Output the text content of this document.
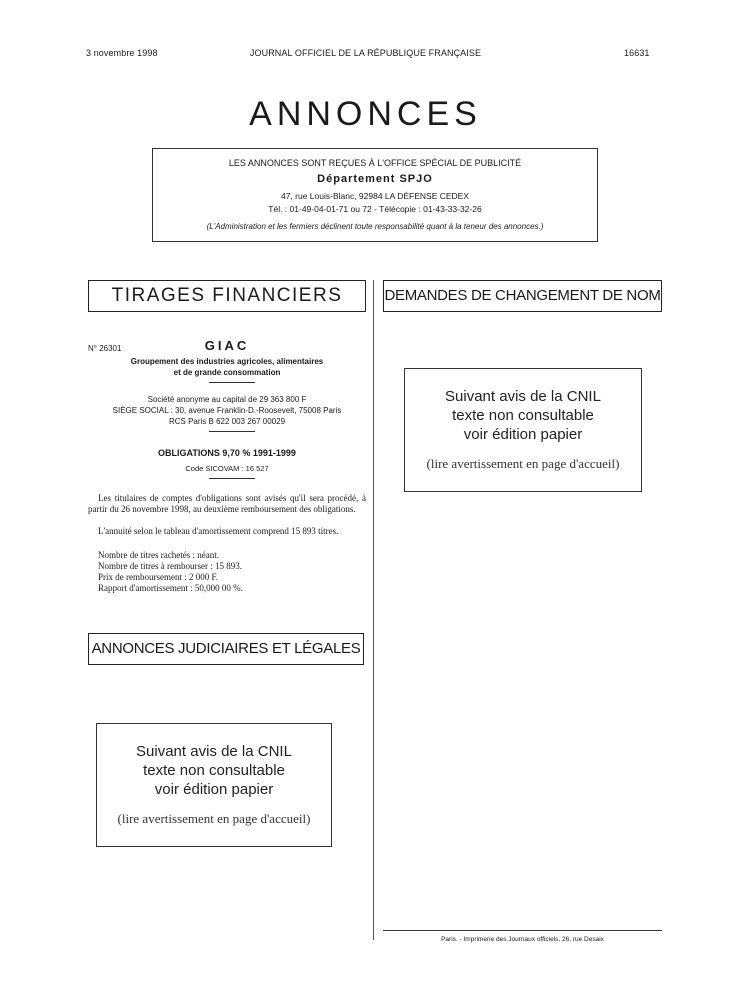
3 novembre 1998	JOURNAL OFFICIEL DE LA RÉPUBLIQUE FRANÇAISE	16631
ANNONCES
LES ANNONCES SONT REÇUES À L'OFFICE SPÉCIAL DE PUBLICITÉ
Département SPJO
47, rue Louis-Blanc, 92984 LA DÉFENSE CEDEX
Tél. : 01-49-04-01-71 ou 72 - Télécopie : 01-43-33-32-26
(L'Administration et les fermiers déclinent toute responsabilité quant à la teneur des annonces.)
TIRAGES FINANCIERS	DEMANDES DE CHANGEMENT DE NOM
N° 26301	GIAC
Groupement des industries agricoles, alimentaires
et de grande consommation
Société anonyme au capital de 29 363 800 F
SIÈGE SOCIAL : 30, avenue Franklin-D.-Roosevelt, 75008 Paris
RCS Paris B 622 003 267 00029
OBLIGATIONS 9,70 % 1991-1999
Code SICOVAM : 16 527
Les titulaires de comptes d'obligations sont avisés qu'il sera procédé, à partir du 26 novembre 1998, au deuxième remboursement des obligations.
L'annuité selon le tableau d'amortissement comprend 15 893 titres.
Nombre de titres rachetés : néant.
Nombre de titres à rembourser : 15 893.
Prix de remboursement : 2 000 F.
Rapport d'amortissement : 50,000 00 %.
ANNONCES JUDICIAIRES ET LÉGALES
Suivant avis de la CNIL
texte non consultable
voir édition papier
(lire avertissement en page d'accueil)
Suivant avis de la CNIL
texte non consultable
voir édition papier
(lire avertissement en page d'accueil)
Paris. - Imprimerie des Journaux officiels, 26, rue Desaix
